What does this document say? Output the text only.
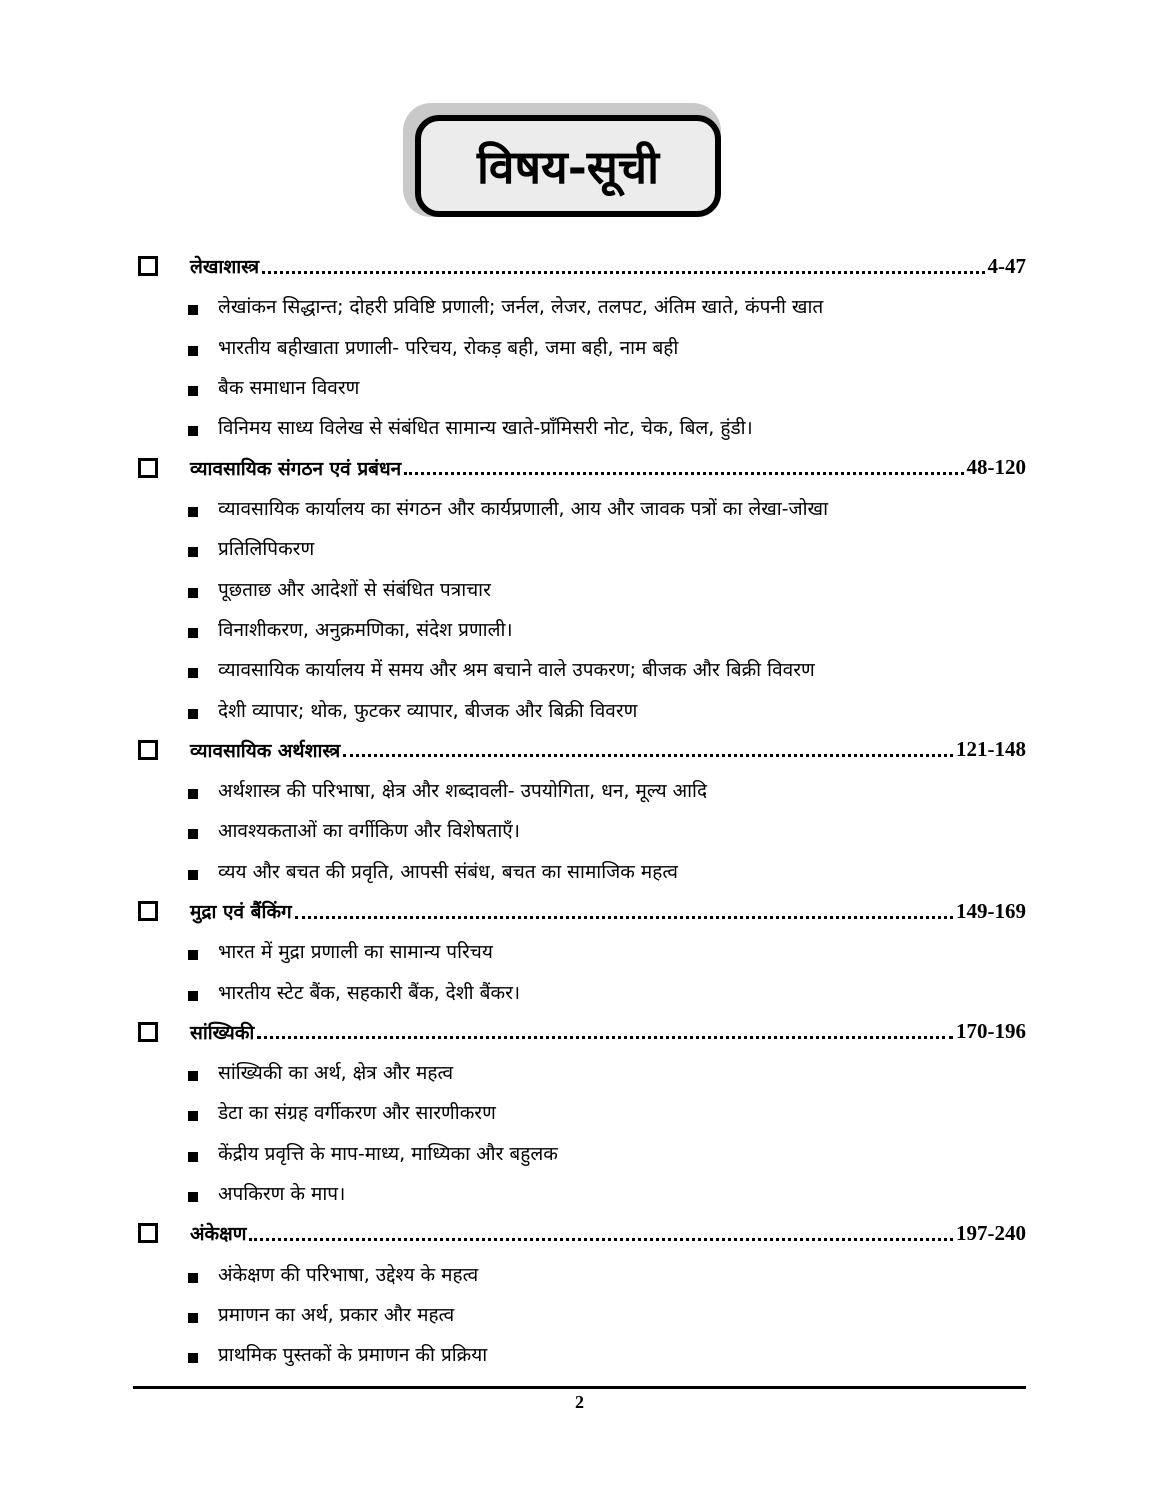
विषय-सूची
लेखाशास्त्र	4-47
लेखांकन सिद्धान्त; दोहरी प्रविष्टि प्रणाली; जर्नल, लेजर, तलपट, अंतिम खाते, कंपनी खात
भारतीय बहीखाता प्रणाली- परिचय, रोकड़ बही, जमा बही, नाम बही
बैक समाधान विवरण
विनिमय साध्य विलेख से संबंधित सामान्य खाते-प्राँमिसरी नोट, चेक, बिल, हुंडी।
व्यावसायिक संगठन एवं प्रबंधन	48-120
व्यावसायिक कार्यालय का संगठन और कार्यप्रणाली, आय और जावक पत्रों का लेखा-जोखा
प्रतिलिपिकरण
पूछताछ और आदेशों से संबंधित पत्राचार
विनाशीकरण, अनुक्रमणिका, संदेश प्रणाली।
व्यावसायिक कार्यालय में समय और श्रम बचाने वाले उपकरण; बीजक और बिक्री विवरण
देशी व्यापार; थोक, फुटकर व्यापार, बीजक और बिक्री विवरण
व्यावसायिक अर्थशास्त्र	121-148
अर्थशास्त्र की परिभाषा, क्षेत्र और शब्दावली- उपयोगिता, धन, मूल्य आदि
आवश्यकताओं का वर्गीकिण और विशेषताएँ।
व्यय और बचत की प्रवृति, आपसी संबंध, बचत का सामाजिक महत्व
मुद्रा एवं बैंकिंग	149-169
भारत में मुद्रा प्रणाली का सामान्य परिचय
भारतीय स्टेट बैंक, सहकारी बैंक, देशी बैंकर।
सांख्यिकी	170-196
सांख्यिकी का अर्थ, क्षेत्र और महत्व
डेटा का संग्रह वर्गीकरण और सारणीकरण
केंद्रीय प्रवृत्ति के माप-माध्य, माध्यिका और बहुलक
अपकिरण के माप।
अंकेक्षण	197-240
अंकेक्षण की परिभाषा, उद्देश्य के महत्व
प्रमाणन का अर्थ, प्रकार और महत्व
प्राथमिक पुस्तकों के प्रमाणन की प्रक्रिया
2
